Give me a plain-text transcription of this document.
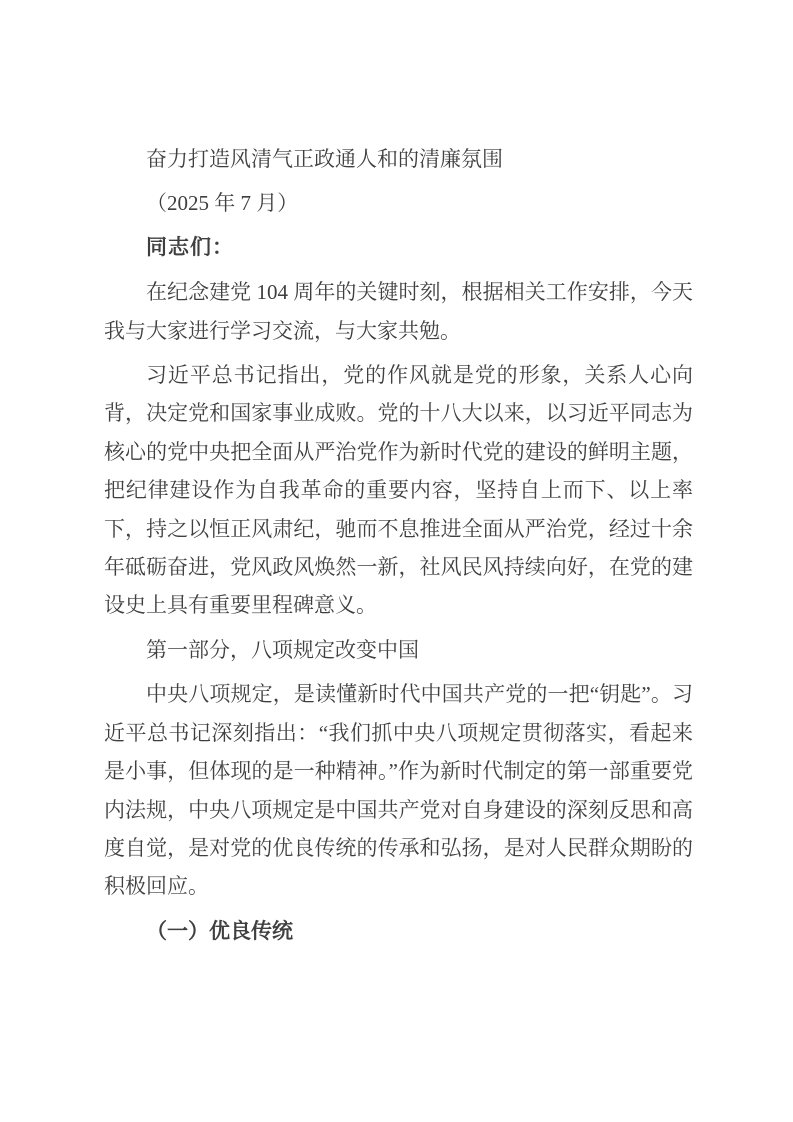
奋力打造风清气正政通人和的清廉氛围

（2025 年 7 月）

同志们：

在纪念建党 104 周年的关键时刻，根据相关工作安排，今天我与大家进行学习交流，与大家共勉。

习近平总书记指出，党的作风就是党的形象，关系人心向背，决定党和国家事业成败。党的十八大以来，以习近平同志为核心的党中央把全面从严治党作为新时代党的建设的鲜明主题，把纪律建设作为自我革命的重要内容，坚持自上而下、以上率下，持之以恒正风肃纪，驰而不息推进全面从严治党，经过十余年砥砺奋进，党风政风焕然一新，社风民风持续向好，在党的建设史上具有重要里程碑意义。

第一部分，八项规定改变中国

中央八项规定，是读懂新时代中国共产党的一把“钥匙”。习近平总书记深刻指出：“我们抓中央八项规定贯彻落实，看起来是小事，但体现的是一种精神。”作为新时代制定的第一部重要党内法规，中央八项规定是中国共产党对自身建设的深刻反思和高度自觉，是对党的优良传统的传承和弘扬，是对人民群众期盼的积极回应。

（一）优良传统
